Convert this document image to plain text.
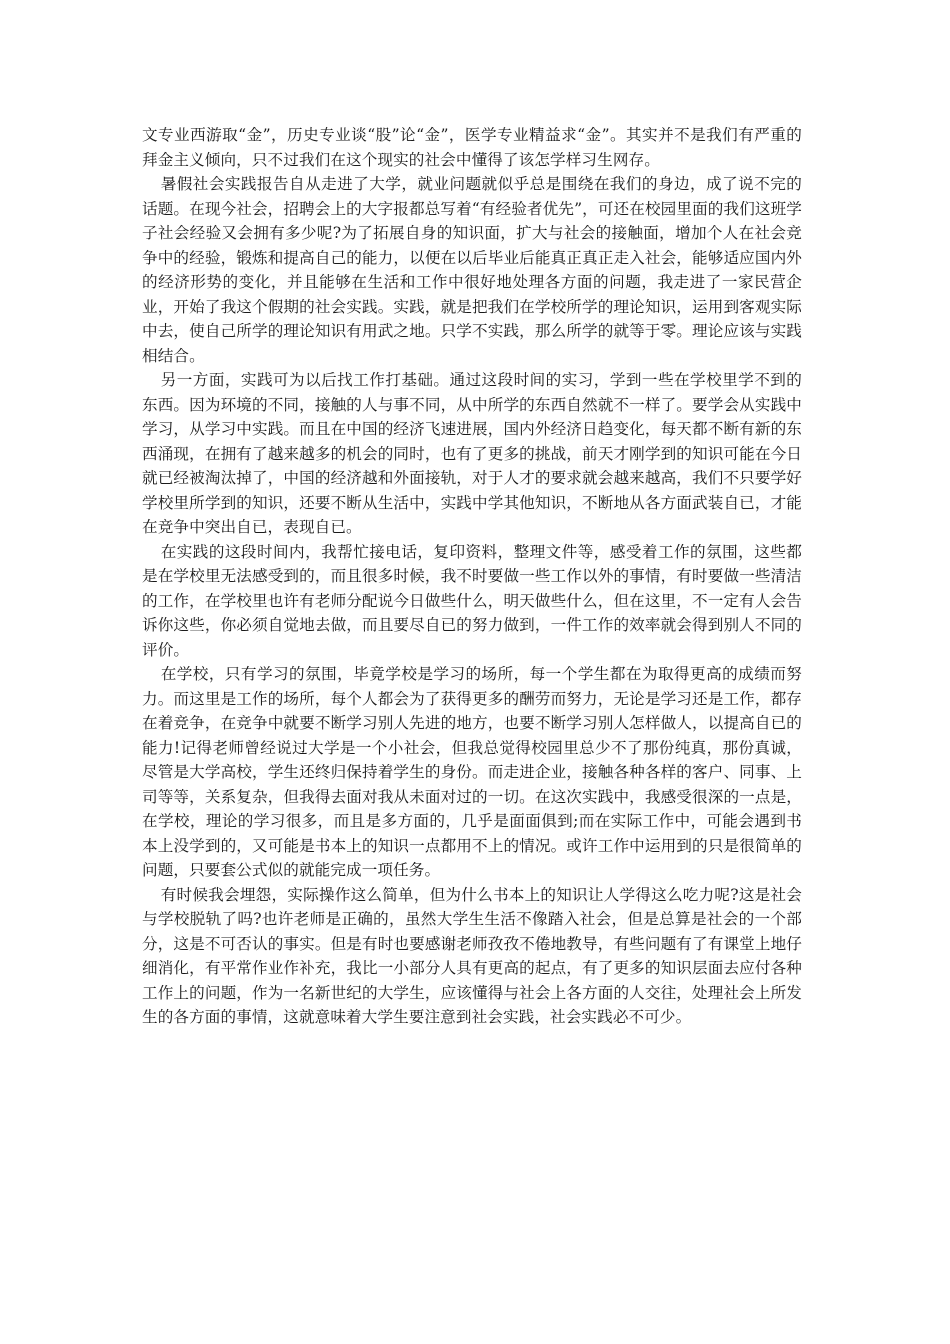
文专业西游取“金”，历史专业谈“股”论“金”，医学专业精益求“金”。其实并不是我们有严重的拜金主义倾向，只不过我们在这个现实的社会中懂得了该怎学样习生网存。

暑假社会实践报告自从走进了大学，就业问题就似乎总是围绕在我们的身边，成了说不完的话题。在现今社会，招聘会上的大字报都总写着“有经验者优先”，可还在校园里面的我们这班学子社会经验又会拥有多少呢?为了拓展自身的知识面，扩大与社会的接触面，增加个人在社会竞争中的经验，锻炼和提高自己的能力，以便在以后毕业后能真正真正走入社会，能够适应国内外的经济形势的变化，并且能够在生活和工作中很好地处理各方面的问题，我走进了一家民营企业，开始了我这个假期的社会实践。实践，就是把我们在学校所学的理论知识，运用到客观实际中去，使自己所学的理论知识有用武之地。只学不实践，那么所学的就等于零。理论应该与实践相结合。

另一方面，实践可为以后找工作打基础。通过这段时间的实习，学到一些在学校里学不到的东西。因为环境的不同，接触的人与事不同，从中所学的东西自然就不一样了。要学会从实践中学习，从学习中实践。而且在中国的经济飞速进展，国内外经济日趋变化，每天都不断有新的东西涌现，在拥有了越来越多的机会的同时，也有了更多的挑战，前天才刚学到的知识可能在今日就已经被淘汰掉了，中国的经济越和外面接轨，对于人才的要求就会越来越高，我们不只要学好学校里所学到的知识，还要不断从生活中，实践中学其他知识，不断地从各方面武装自已，才能在竞争中突出自已，表现自已。

在实践的这段时间内，我帮忙接电话，复印资料，整理文件等，感受着工作的氛围，这些都是在学校里无法感受到的，而且很多时候，我不时要做一些工作以外的事情，有时要做一些清洁的工作，在学校里也许有老师分配说今日做些什么，明天做些什么，但在这里，不一定有人会告诉你这些，你必须自觉地去做，而且要尽自已的努力做到，一件工作的效率就会得到别人不同的评价。

在学校，只有学习的氛围，毕竟学校是学习的场所，每一个学生都在为取得更高的成绩而努力。而这里是工作的场所，每个人都会为了获得更多的酬劳而努力，无论是学习还是工作，都存在着竞争，在竞争中就要不断学习别人先进的地方，也要不断学习别人怎样做人，以提高自已的能力!记得老师曾经说过大学是一个小社会，但我总觉得校园里总少不了那份纯真，那份真诚，尽管是大学高校，学生还终归保持着学生的身份。而走进企业，接触各种各样的客户、同事、上司等等，关系复杂，但我得去面对我从未面对过的一切。在这次实践中，我感受很深的一点是，在学校，理论的学习很多，而且是多方面的，几乎是面面俱到;而在实际工作中，可能会遇到书本上没学到的，又可能是书本上的知识一点都用不上的情况。或许工作中运用到的只是很简单的问题，只要套公式似的就能完成一项任务。

有时候我会埋怨，实际操作这么简单，但为什么书本上的知识让人学得这么吃力呢?这是社会与学校脱轨了吗?也许老师是正确的，虽然大学生生活不像踏入社会，但是总算是社会的一个部分，这是不可否认的事实。但是有时也要感谢老师孜孜不倦地教导，有些问题有了有课堂上地仔细消化，有平常作业作补充，我比一小部分人具有更高的起点，有了更多的知识层面去应付各种工作上的问题，作为一名新世纪的大学生，应该懂得与社会上各方面的人交往，处理社会上所发生的各方面的事情，这就意味着大学生要注意到社会实践，社会实践必不可少。
